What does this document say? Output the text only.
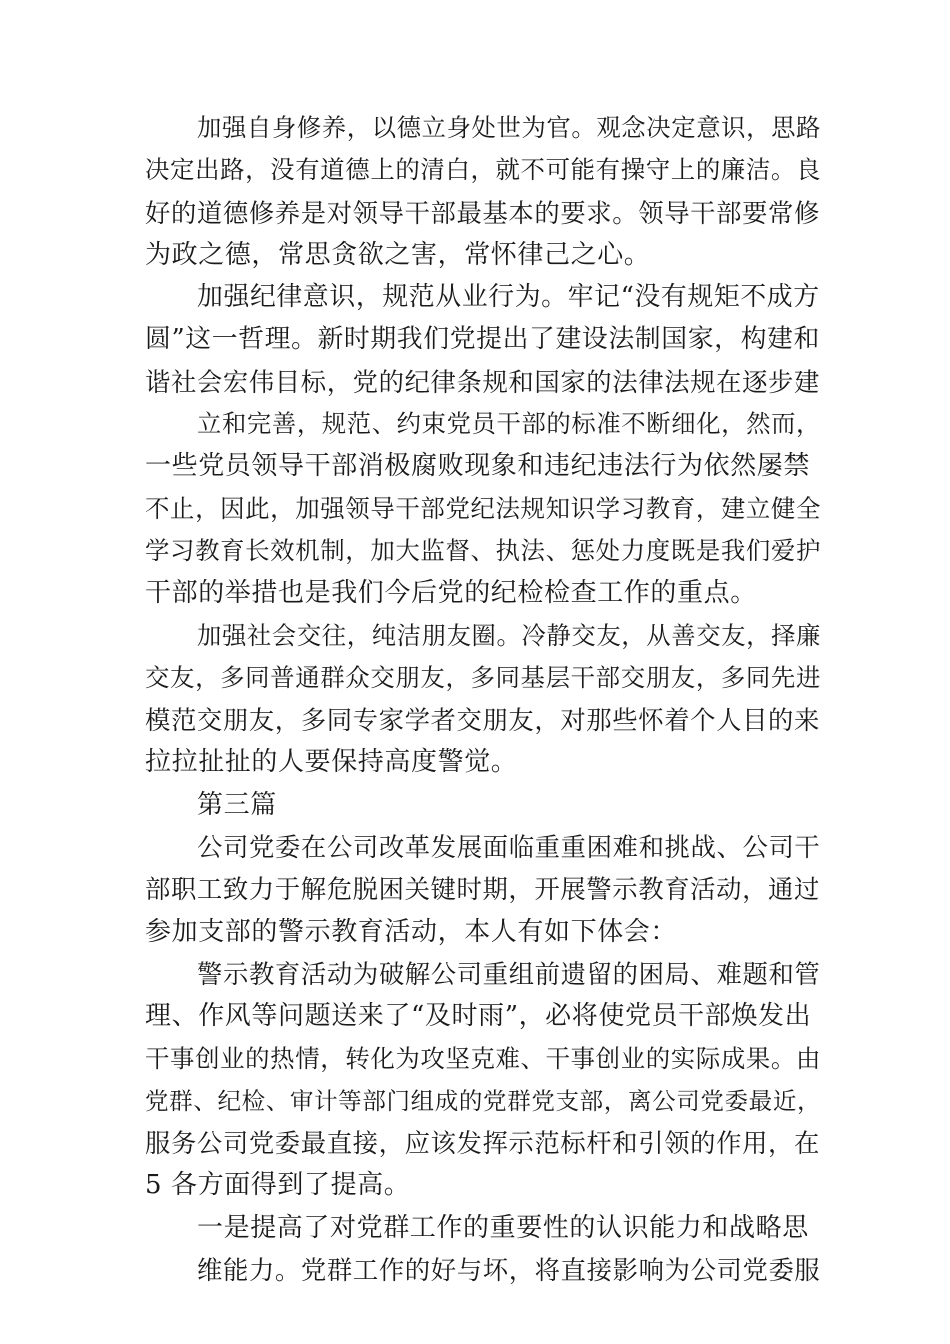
加强自身修养，以德立身处世为官。观念决定意识，思路
决定出路，没有道德上的清白，就不可能有操守上的廉洁。良
好的道德修养是对领导干部最基本的要求。领导干部要常修
为政之德，常思贪欲之害，常怀律己之心。
加强纪律意识，规范从业行为。牢记“没有规矩不成方
圆”这一哲理。新时期我们党提出了建设法制国家，构建和
谐社会宏伟目标，党的纪律条规和国家的法律法规在逐步建
立和完善，规范、约束党员干部的标准不断细化，然而，
一些党员领导干部消极腐败现象和违纪违法行为依然屡禁
不止，因此，加强领导干部党纪法规知识学习教育，建立健全
学习教育长效机制，加大监督、执法、惩处力度既是我们爱护
干部的举措也是我们今后党的纪检检查工作的重点。
加强社会交往，纯洁朋友圈。冷静交友，从善交友，择廉
交友，多同普通群众交朋友，多同基层干部交朋友，多同先进
模范交朋友，多同专家学者交朋友，对那些怀着个人目的来
拉拉扯扯的人要保持高度警觉。
第三篇
公司党委在公司改革发展面临重重困难和挑战、公司干
部职工致力于解危脱困关键时期，开展警示教育活动，通过
参加支部的警示教育活动，本人有如下体会：
警示教育活动为破解公司重组前遗留的困局、难题和管
理、作风等问题送来了“及时雨”，必将使党员干部焕发出
干事创业的热情，转化为攻坚克难、干事创业的实际成果。由
党群、纪检、审计等部门组成的党群党支部，离公司党委最近，
服务公司党委最直接，应该发挥示范标杆和引领的作用，在
5 各方面得到了提高。
一是提高了对党群工作的重要性的认识能力和战略思
维能力。党群工作的好与坏，将直接影响为公司党委服
